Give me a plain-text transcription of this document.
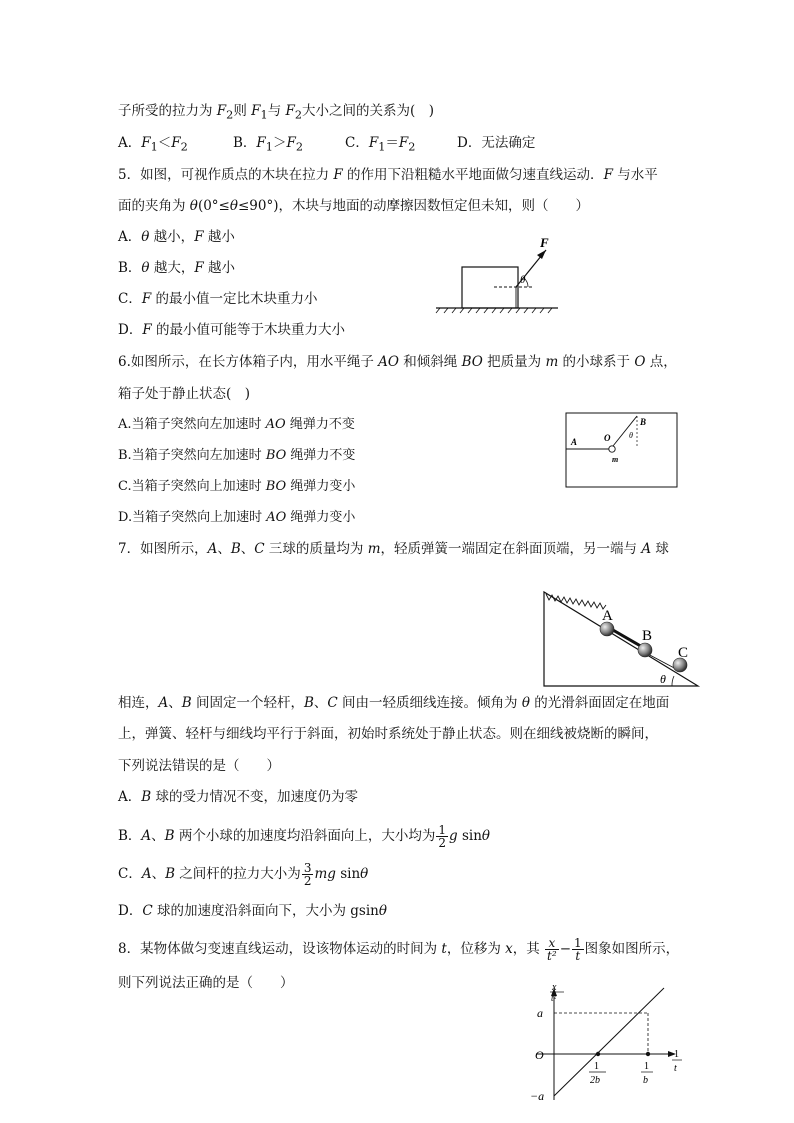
子所受的拉力为 $F_2$则 $F_1$与 $F_2$大小之间的关系为(　)
A．$F_1<F_2$	B．$F_1>F_2$	C．$F_1=F_2$	D．无法确定
5．如图，可视作质点的木块在拉力 F 的作用下沿粗糙水平地面做匀速直线运动．F 与水平
面的夹角为 θ(0°≤θ≤90°)，木块与地面的动摩擦因数恒定但未知，则（　　）
A．θ 越小，F 越小
B．θ 越大，F 越小
C．F 的最小值一定比木块重力小
D．F 的最小值可能等于木块重力大小
F
θ
6.如图所示，在长方体箱子内，用水平绳子 AO 和倾斜绳 BO 把质量为 m 的小球系于 O 点，
箱子处于静止状态(　)
A.当箱子突然向左加速时 AO 绳弹力不变
B.当箱子突然向左加速时 BO 绳弹力不变
C.当箱子突然向上加速时 BO 绳弹力变小
D.当箱子突然向上加速时 AO 绳弹力变小
A	O
B
m
θ
7．如图所示，A、B、C 三球的质量均为 m，轻质弹簧一端固定在斜面顶端，另一端与 A 球
A
B
C
θ
相连，A、B 间固定一个轻杆，B、C 间由一轻质细线连接。倾角为 θ 的光滑斜面固定在地面
上，弹簧、轻杆与细线均平行于斜面，初始时系统处于静止状态。则在细线被烧断的瞬间，
下列说法错误的是（　　）
A．B 球的受力情况不变，加速度仍为零
B．A、B 两个小球的加速度均沿斜面向上，大小均为 $\frac{1}{2}$ g sinθ
C．A、B 之间杆的拉力大小为 $\frac{3}{2}$ mg sinθ
D．C 球的加速度沿斜面向下，大小为 gsinθ
8．某物体做匀变速直线运动，设该物体运动的时间为 t，位移为 x，其 $\frac{x}{\text{t²}} - \frac{1}{t}$ 图象如图所示，
则下列说法正确的是（　　）	x
t²
a
O
−a
1
t
1
2b
1
b
